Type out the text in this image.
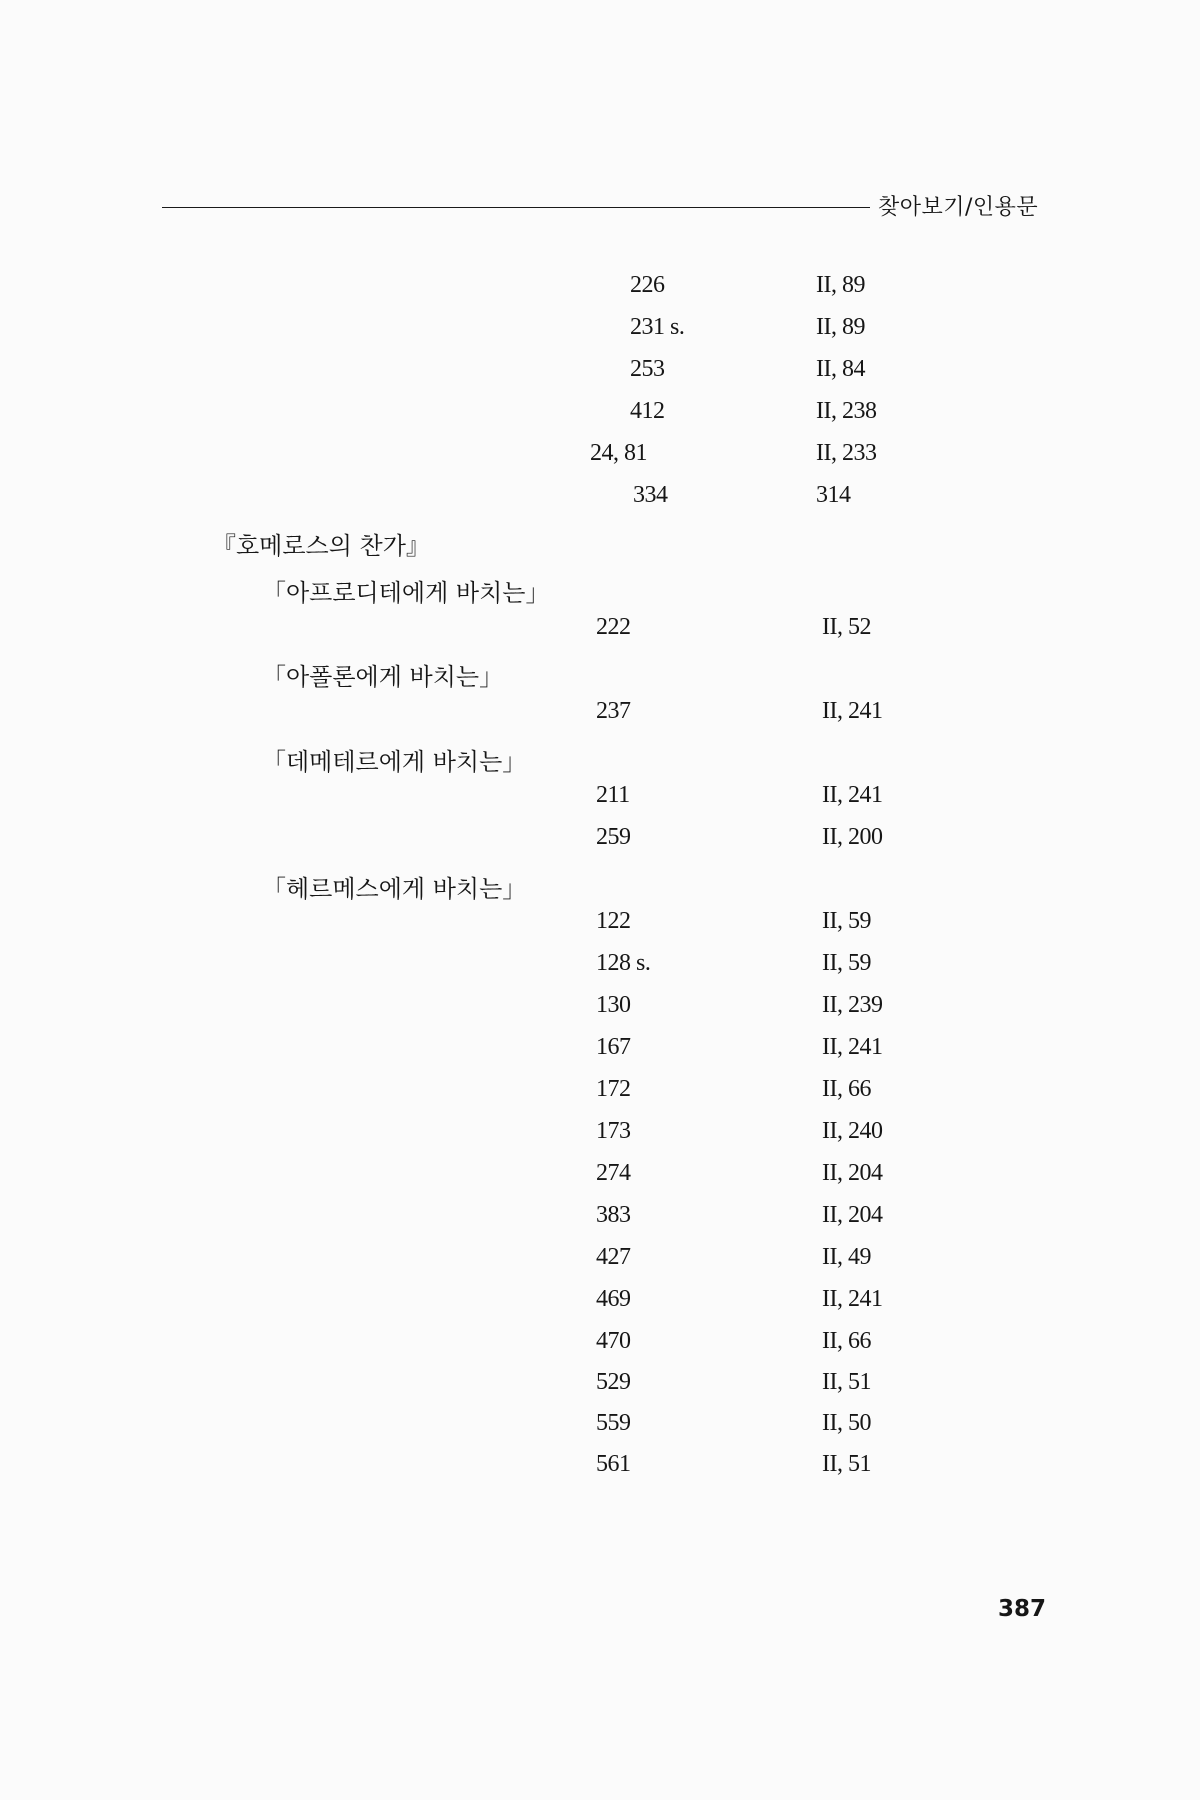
찾아보기/인용문
226	II, 89
231 s.	II, 89
253	II, 84
412	II, 238
24, 81	II, 233
334	314
『호메로스의 찬가』
「아프로디테에게 바치는」
222	II, 52
「아폴론에게 바치는」
237	II, 241
「데메테르에게 바치는」
211	II, 241
259	II, 200
「헤르메스에게 바치는」
122	II, 59
128 s.	II, 59
130	II, 239
167	II, 241
172	II, 66
173	II, 240
274	II, 204
383	II, 204
427	II, 49
469	II, 241
470	II, 66
529	II, 51
559	II, 50
561	II, 51
387
